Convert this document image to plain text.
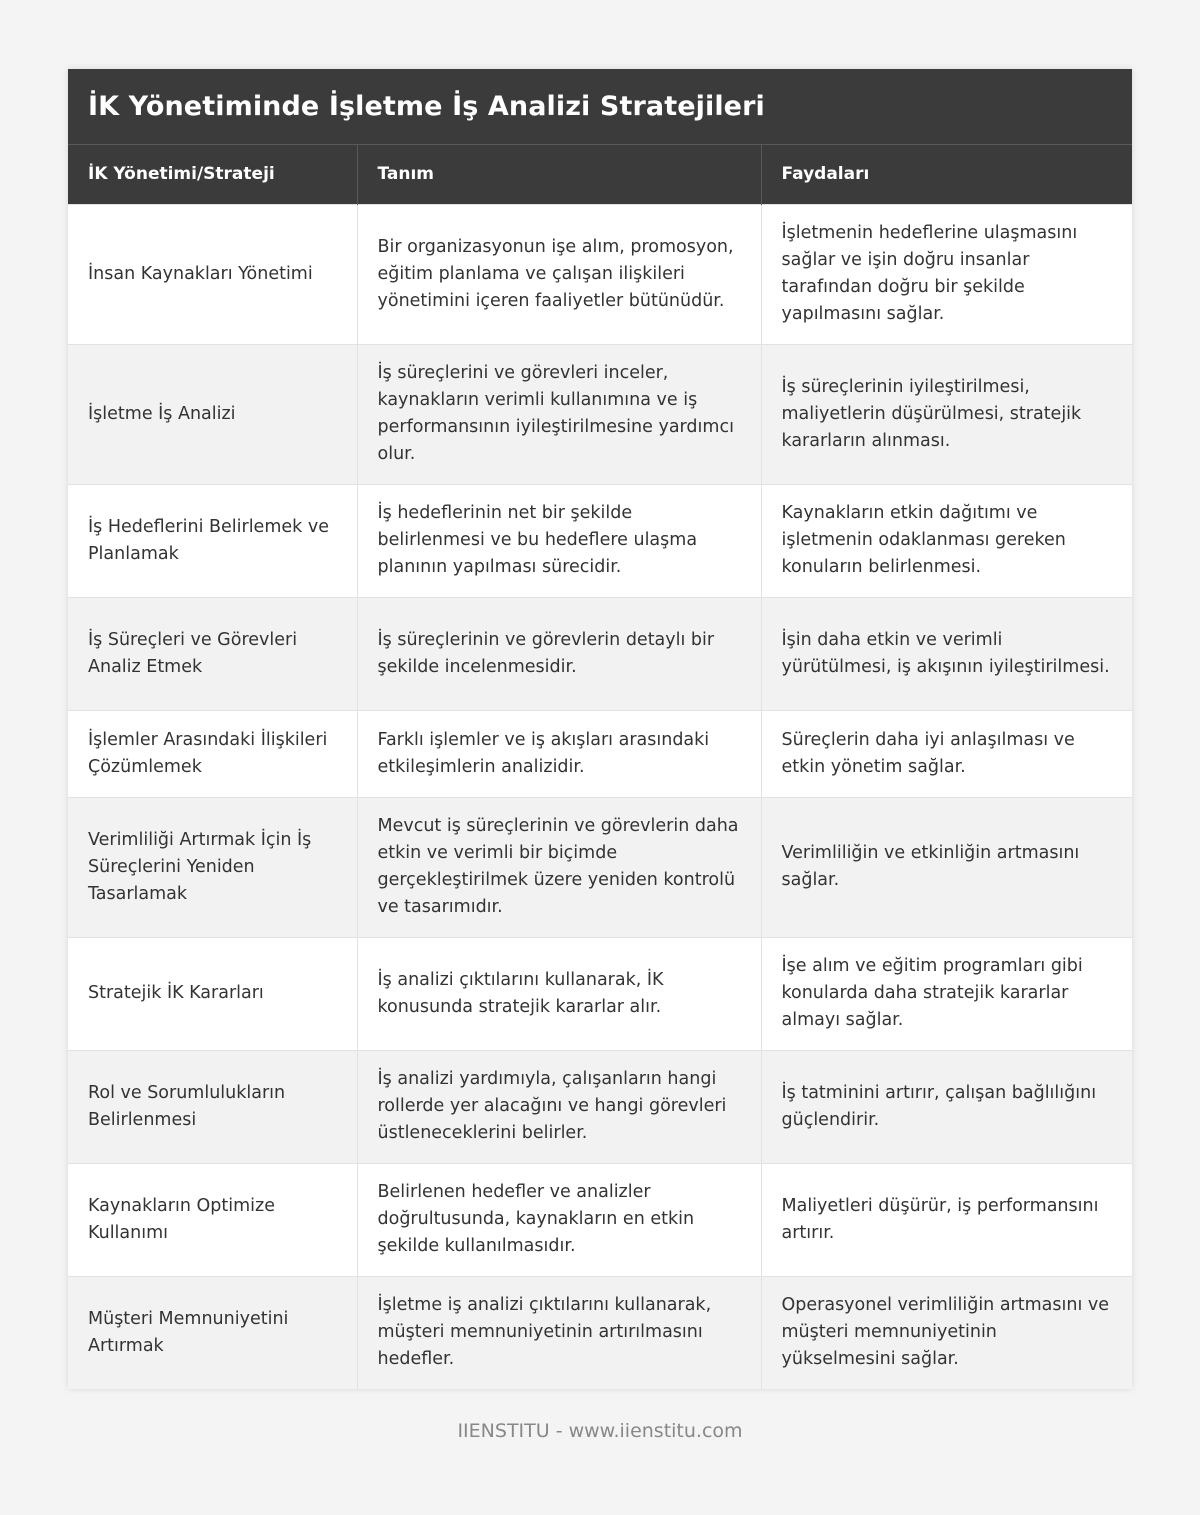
İK Yönetiminde İşletme İş Analizi Stratejileri
İK Yönetimi/Strateji	Tanım	Faydaları
İnsan Kaynakları Yönetimi	Bir organizasyonun işe alım, promosyon, eğitim planlama ve çalışan ilişkileri yönetimini içeren faaliyetler bütünüdür.	İşletmenin hedeflerine ulaşmasını sağlar ve işin doğru insanlar tarafından doğru bir şekilde yapılmasını sağlar.
İşletme İş Analizi	İş süreçlerini ve görevleri inceler, kaynakların verimli kullanımına ve iş performansının iyileştirilmesine yardımcı olur.	İş süreçlerinin iyileştirilmesi, maliyetlerin düşürülmesi, stratejik kararların alınması.
İş Hedeflerini Belirlemek ve Planlamak	İş hedeflerinin net bir şekilde belirlenmesi ve bu hedeflere ulaşma planının yapılması sürecidir.	Kaynakların etkin dağıtımı ve işletmenin odaklanması gereken konuların belirlenmesi.
İş Süreçleri ve Görevleri Analiz Etmek	İş süreçlerinin ve görevlerin detaylı bir şekilde incelenmesidir.	İşin daha etkin ve verimli yürütülmesi, iş akışının iyileştirilmesi.
İşlemler Arasındaki İlişkileri Çözümlemek	Farklı işlemler ve iş akışları arasındaki etkileşimlerin analizidir.	Süreçlerin daha iyi anlaşılması ve etkin yönetim sağlar.
Verimliliği Artırmak İçin İş Süreçlerini Yeniden Tasarlamak	Mevcut iş süreçlerinin ve görevlerin daha etkin ve verimli bir biçimde gerçekleştirilmek üzere yeniden kontrolü ve tasarımıdır.	Verimliliğin ve etkinliğin artmasını sağlar.
Stratejik İK Kararları	İş analizi çıktılarını kullanarak, İK konusunda stratejik kararlar alır.	İşe alım ve eğitim programları gibi konularda daha stratejik kararlar almayı sağlar.
Rol ve Sorumlulukların Belirlenmesi	İş analizi yardımıyla, çalışanların hangi rollerde yer alacağını ve hangi görevleri üstleneceklerini belirler.	İş tatminini artırır, çalışan bağlılığını güçlendirir.
Kaynakların Optimize Kullanımı	Belirlenen hedefler ve analizler doğrultusunda, kaynakların en etkin şekilde kullanılmasıdır.	Maliyetleri düşürür, iş performansını artırır.
Müşteri Memnuniyetini Artırmak	İşletme iş analizi çıktılarını kullanarak, müşteri memnuniyetinin artırılmasını hedefler.	Operasyonel verimliliğin artmasını ve müşteri memnuniyetinin yükselmesini sağlar.
IIENSTITU - www.iienstitu.com
